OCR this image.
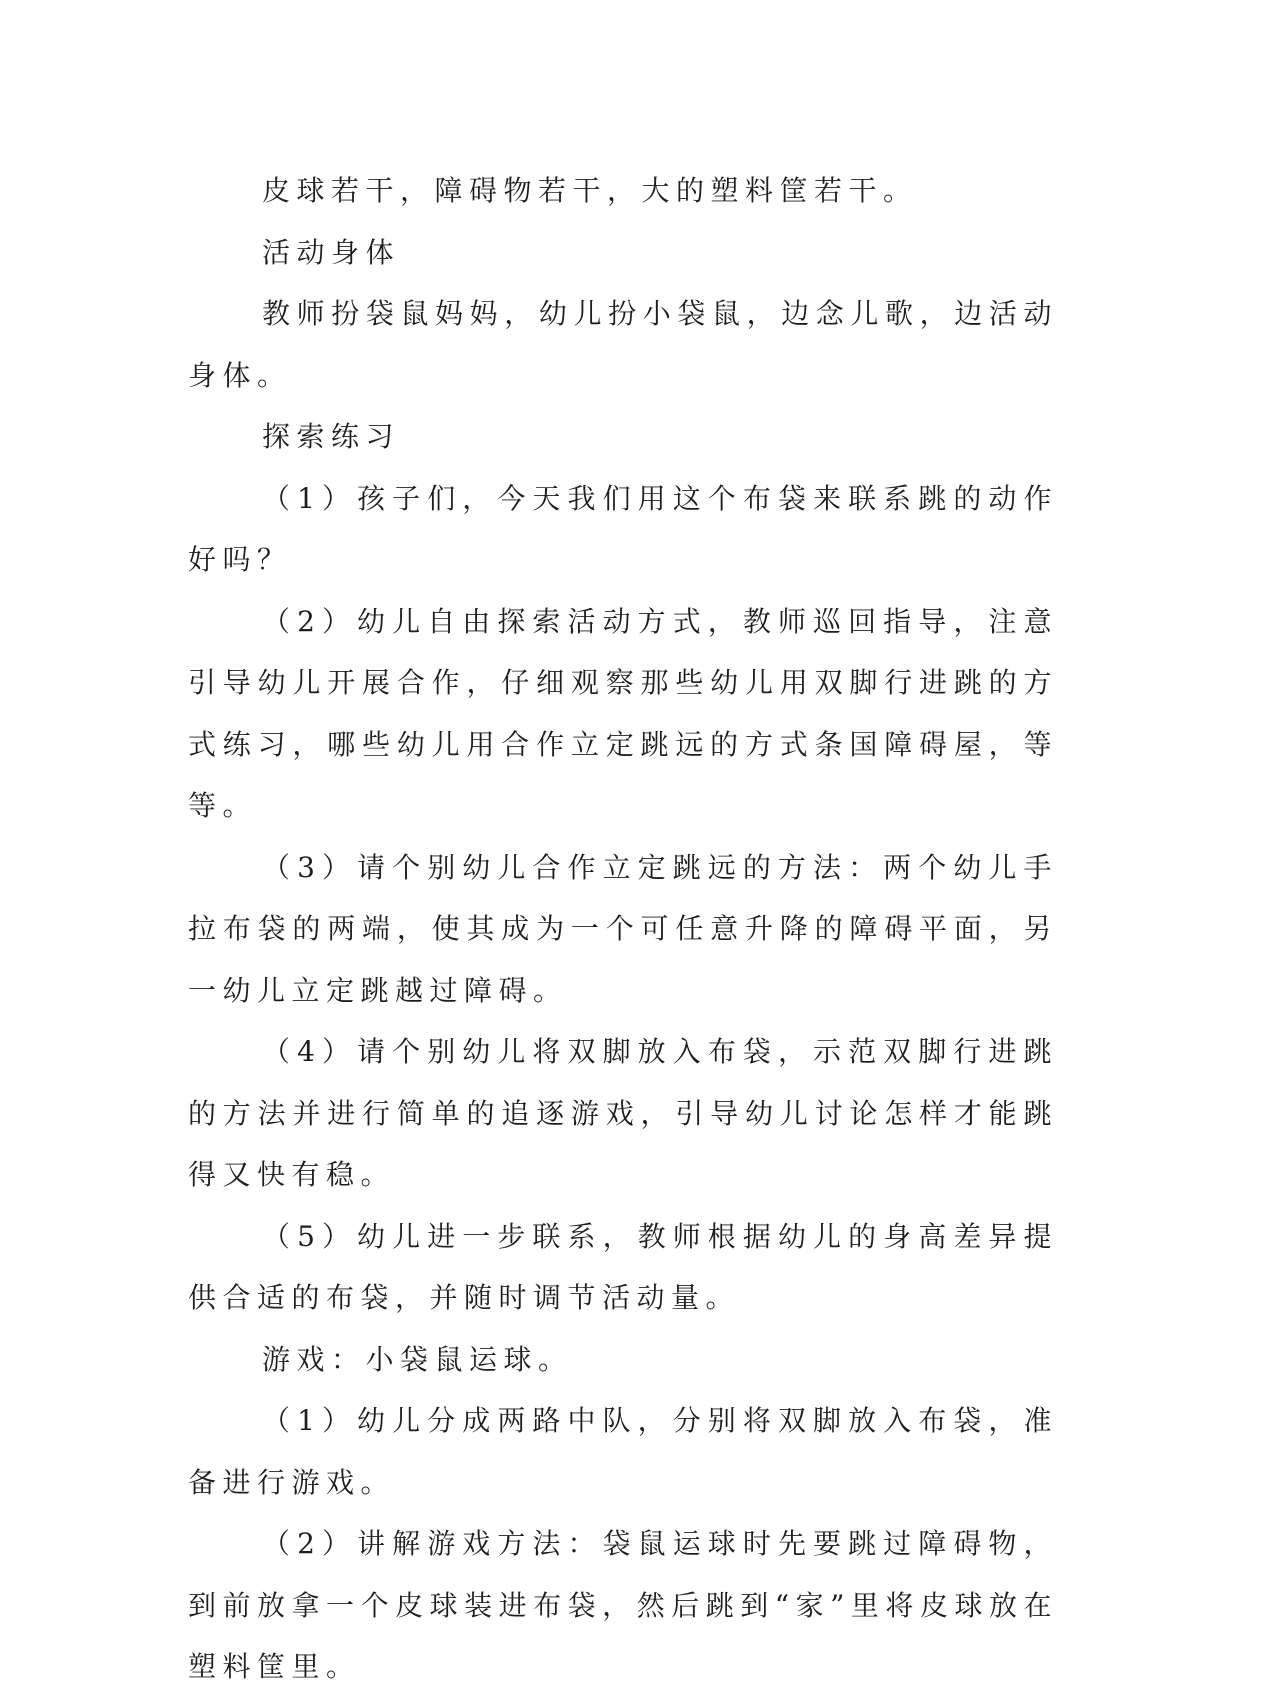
皮球若干，障碍物若干，大的塑料筐若干。

活动身体

教师扮袋鼠妈妈，幼儿扮小袋鼠，边念儿歌，边活动身体。

探索练习

（1）孩子们，今天我们用这个布袋来联系跳的动作好吗？

（2）幼儿自由探索活动方式，教师巡回指导，注意引导幼儿开展合作，仔细观察那些幼儿用双脚行进跳的方式练习，哪些幼儿用合作立定跳远的方式条国障碍屋，等等。

（3）请个别幼儿合作立定跳远的方法：两个幼儿手拉布袋的两端，使其成为一个可任意升降的障碍平面，另一幼儿立定跳越过障碍。

（4）请个别幼儿将双脚放入布袋，示范双脚行进跳的方法并进行简单的追逐游戏，引导幼儿讨论怎样才能跳得又快有稳。

（5）幼儿进一步联系，教师根据幼儿的身高差异提供合适的布袋，并随时调节活动量。

游戏：小袋鼠运球。

（1）幼儿分成两路中队，分别将双脚放入布袋，准备进行游戏。

（2）讲解游戏方法：袋鼠运球时先要跳过障碍物，到前放拿一个皮球装进布袋，然后跳到“家”里将皮球放在塑料筐里。
